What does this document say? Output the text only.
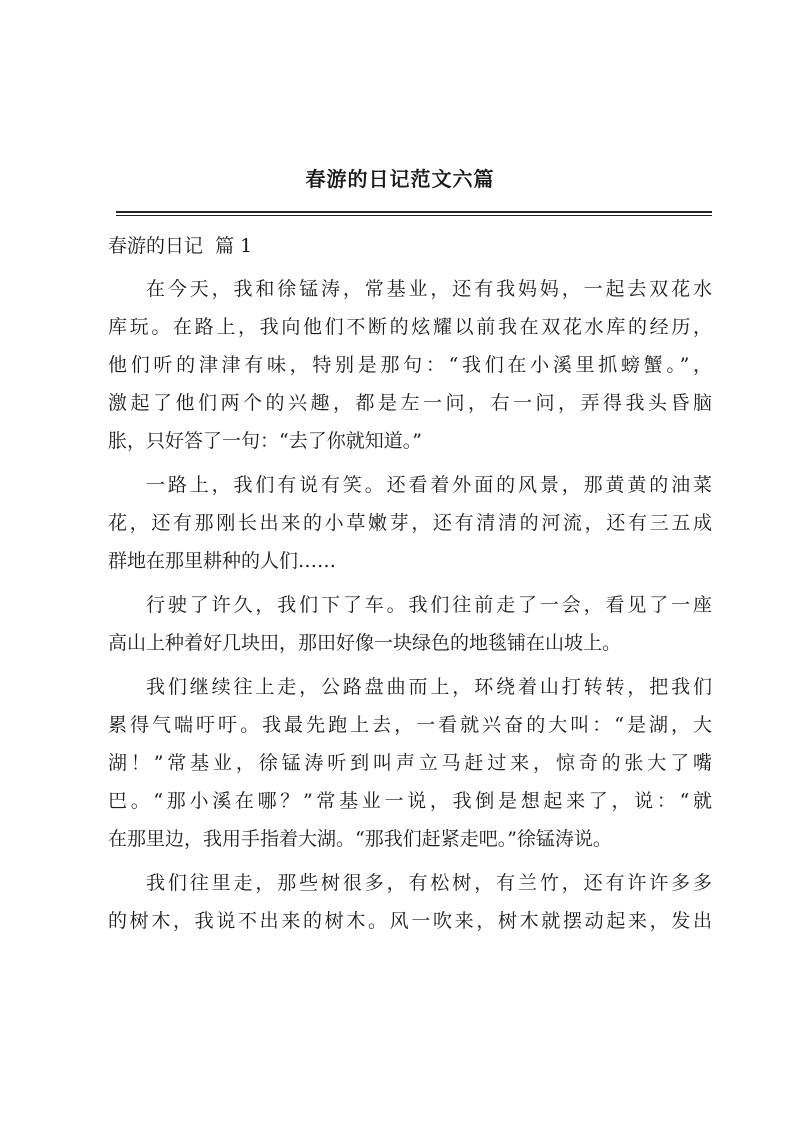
春游的日记范文六篇
春游的日记  篇 1
在今天，我和徐锰涛，常基业，还有我妈妈，一起去双花水
库玩。在路上，我向他们不断的炫耀以前我在双花水库的经历，
他们听的津津有味，特别是那句：“我们在小溪里抓螃蟹。”，
激起了他们两个的兴趣，都是左一问，右一问，弄得我头昏脑
胀，只好答了一句：“去了你就知道。”
一路上，我们有说有笑。还看着外面的风景，那黄黄的油菜
花，还有那刚长出来的小草嫩芽，还有清清的河流，还有三五成
群地在那里耕种的人们……
行驶了许久，我们下了车。我们往前走了一会，看见了一座
高山上种着好几块田，那田好像一块绿色的地毯铺在山坡上。
我们继续往上走，公路盘曲而上，环绕着山打转转，把我们
累得气喘吁吁。我最先跑上去，一看就兴奋的大叫：“是湖，大
湖！”常基业，徐锰涛听到叫声立马赶过来，惊奇的张大了嘴
巴。“那小溪在哪？”常基业一说，我倒是想起来了，说：“就
在那里边，我用手指着大湖。“那我们赶紧走吧。”徐锰涛说。
我们往里走，那些树很多，有松树，有兰竹，还有许许多多
的树木，我说不出来的树木。风一吹来，树木就摆动起来，发出
